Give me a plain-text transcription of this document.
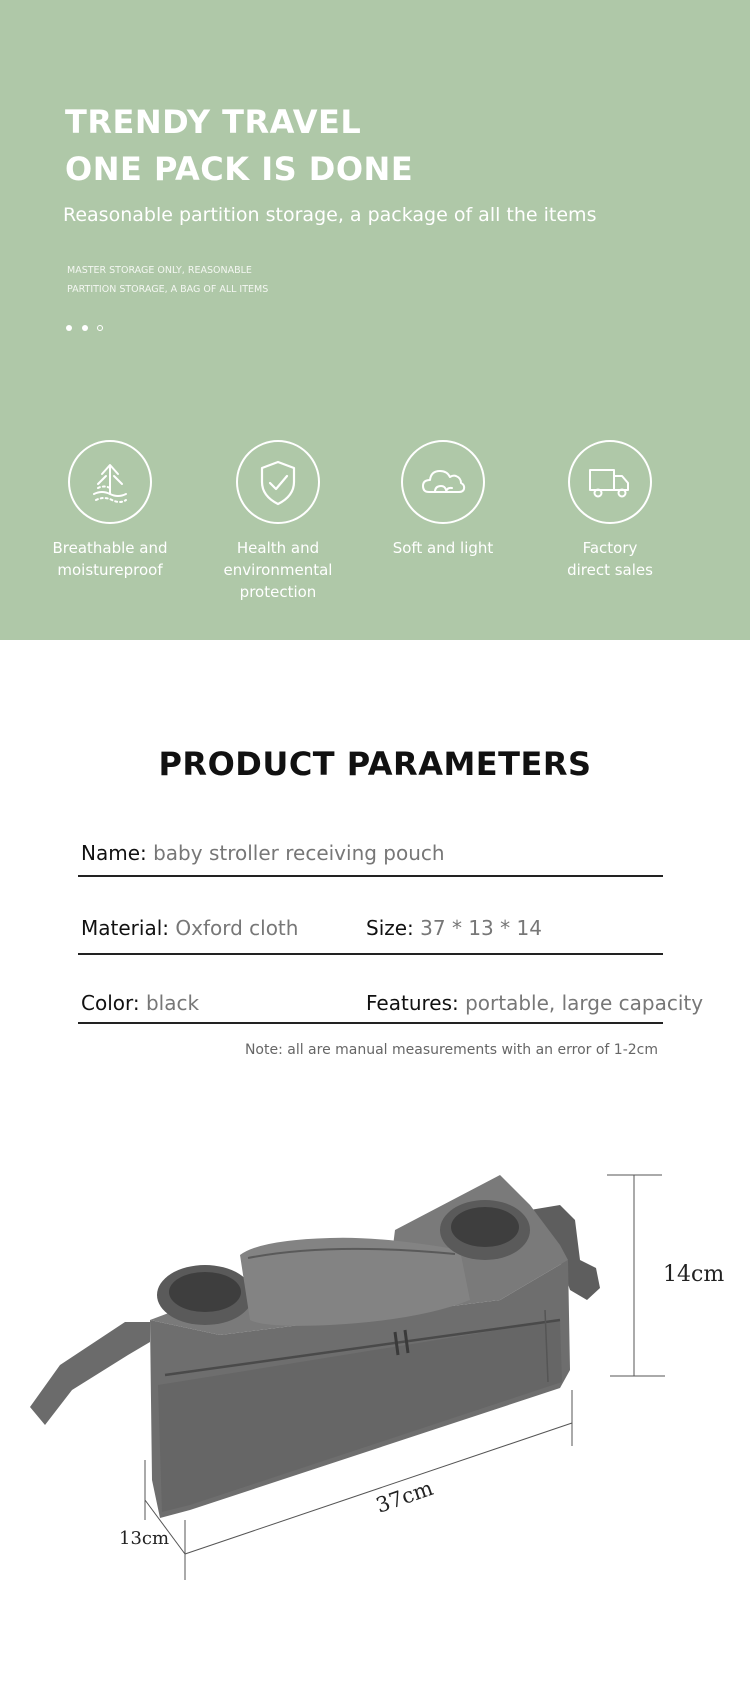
TRENDY TRAVEL
ONE PACK IS DONE
Reasonable partition storage, a package of all the items
MASTER STORAGE ONLY, REASONABLE
PARTITION STORAGE, A BAG OF ALL ITEMS
Breathable and
moistureproof
Health and
environmental protection
Soft and light	Factory
direct sales
PRODUCT PARAMETERS
Name: baby stroller receiving pouch
Material: Oxford cloth	Size: 37 * 13 * 14
Color: black	Features: portable, large capacity
Note: all are manual measurements with an error of 1-2cm
14cm
37cm
13cm
